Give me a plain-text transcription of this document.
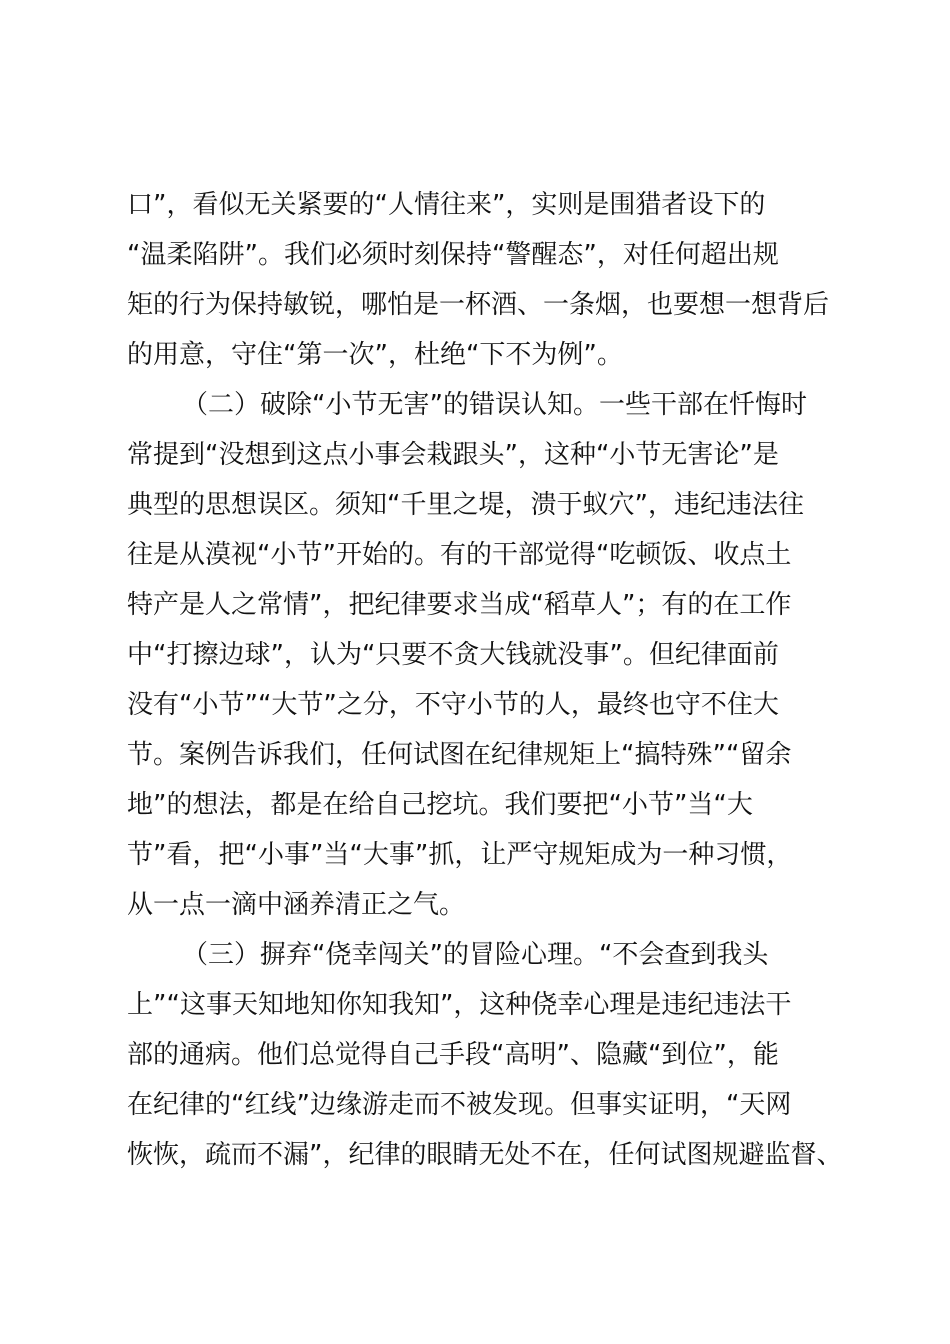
口”，看似无关紧要的“人情往来”，实则是围猎者设下的
“温柔陷阱”。我们必须时刻保持“警醒态”，对任何超出规
矩的行为保持敏锐，哪怕是一杯酒、一条烟，也要想一想背后
的用意，守住“第一次”，杜绝“下不为例”。
（二）破除“小节无害”的错误认知。一些干部在忏悔时
常提到“没想到这点小事会栽跟头”，这种“小节无害论”是
典型的思想误区。须知“千里之堤，溃于蚁穴”，违纪违法往
往是从漠视“小节”开始的。有的干部觉得“吃顿饭、收点土
特产是人之常情”，把纪律要求当成“稻草人”；有的在工作
中“打擦边球”，认为“只要不贪大钱就没事”。但纪律面前
没有“小节”“大节”之分，不守小节的人，最终也守不住大
节。案例告诉我们，任何试图在纪律规矩上“搞特殊”“留余
地”的想法，都是在给自己挖坑。我们要把“小节”当“大
节”看，把“小事”当“大事”抓，让严守规矩成为一种习惯，
从一点一滴中涵养清正之气。
（三）摒弃“侥幸闯关”的冒险心理。“不会查到我头
上”“这事天知地知你知我知”，这种侥幸心理是违纪违法干
部的通病。他们总觉得自己手段“高明”、隐藏“到位”，能
在纪律的“红线”边缘游走而不被发现。但事实证明，“天网
恢恢，疏而不漏”，纪律的眼睛无处不在，任何试图规避监督、
